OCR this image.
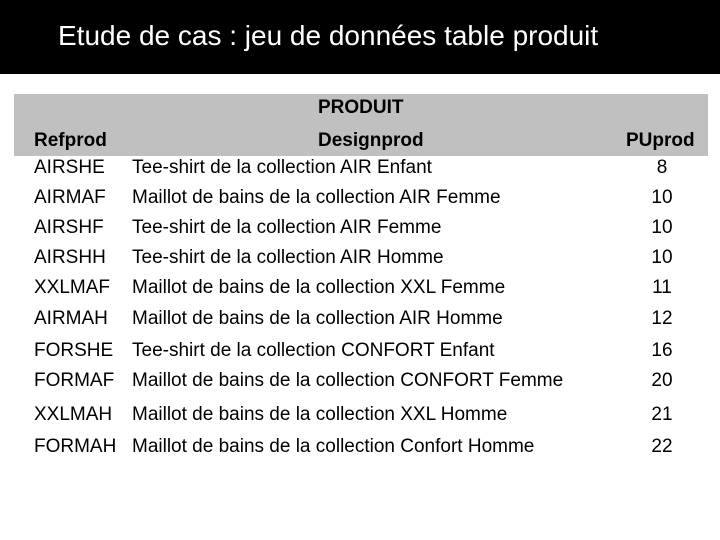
Etude de cas : jeu de données table produit
PRODUIT
Refprod	Designprod	PUprod
AIRSHE Tee-shirt de la collection AIR Enfant	8
AIRMAF Maillot de bains de la collection AIR Femme	10
AIRSHF Tee-shirt de la collection AIR Femme	10
AIRSHH Tee-shirt de la collection AIR Homme	10
XXLMAF Maillot de bains de la collection XXL Femme	11
AIRMAH Maillot de bains de la collection AIR Homme	12
FORSHE Tee-shirt de la collection CONFORT Enfant	16
FORMAF Maillot de bains de la collection CONFORT Femme	20
XXLMAH Maillot de bains de la collection XXL Homme	21
FORMAH Maillot de bains de la collection Confort Homme	22
